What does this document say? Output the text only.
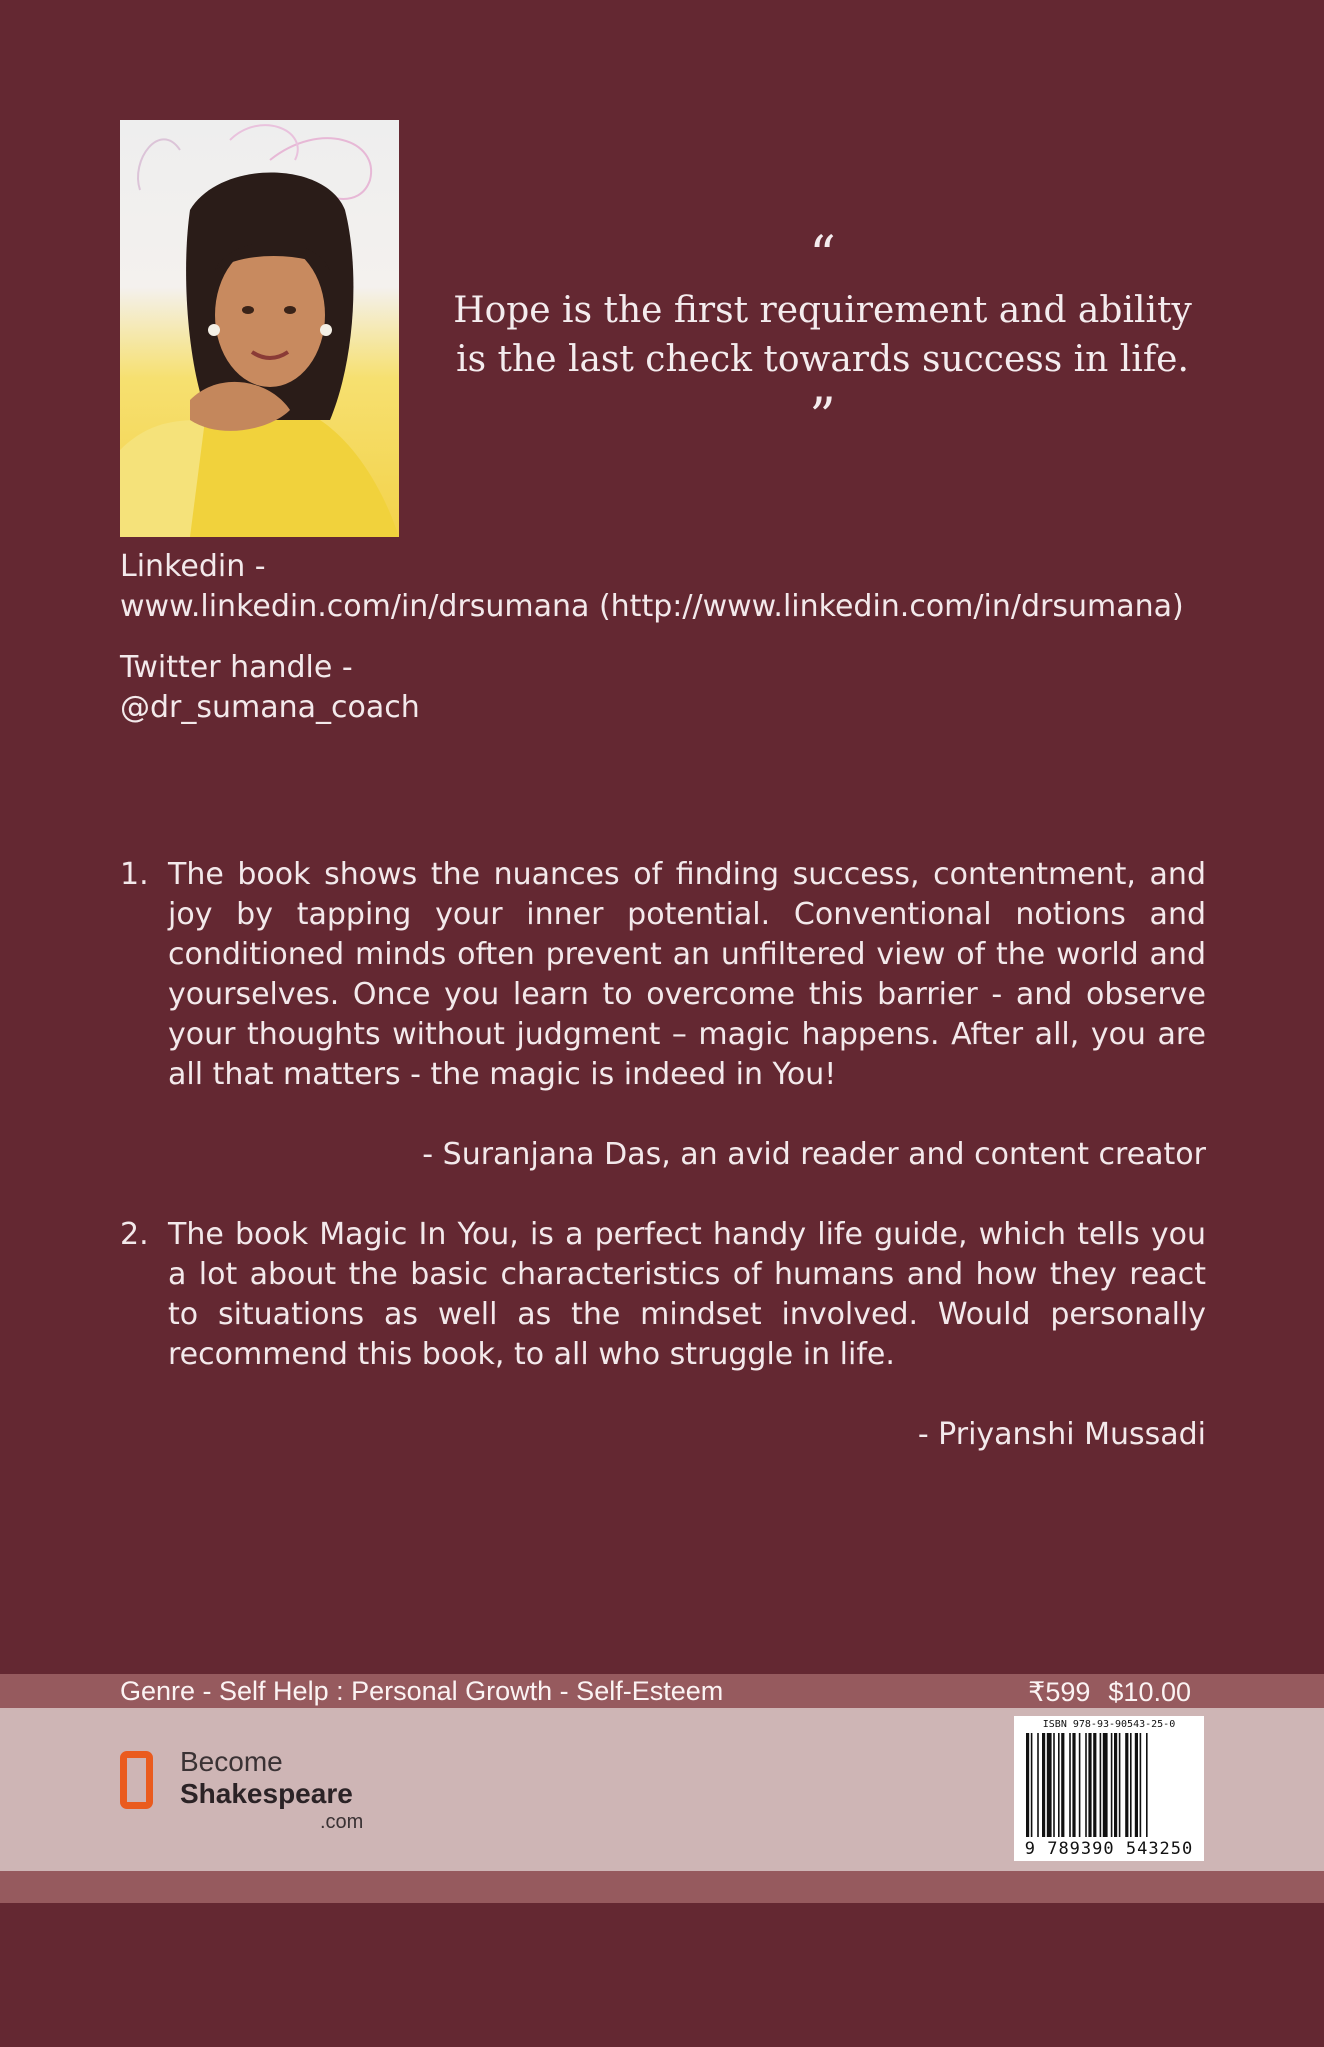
“
Hope is the first requirement and ability is the last check towards success in life.
”
Linkedin -
www.linkedin.com/in/drsumana (http://www.linkedin.com/in/drsumana)
Twitter handle -
@dr_sumana_coach
1. The book shows the nuances of finding success, contentment, and joy by tapping your inner potential. Conventional notions and conditioned minds often prevent an unfiltered view of the world and yourselves. Once you learn to overcome this barrier - and observe your thoughts without judgment – magic happens. After all, you are all that matters - the magic is indeed in You!
- Suranjana Das, an avid reader and content creator
2. The book Magic In You, is a perfect handy life guide, which tells you a lot about the basic characteristics of humans and how they react to situations as well as the mindset involved. Would personally recommend this book, to all who struggle in life.
- Priyanshi Mussadi
Genre - Self Help : Personal Growth - Self-Esteem	₹599 $10.00
Become
Shakespeare
.com
ISBN 978-93-90543-25-0
9 789390 543250
